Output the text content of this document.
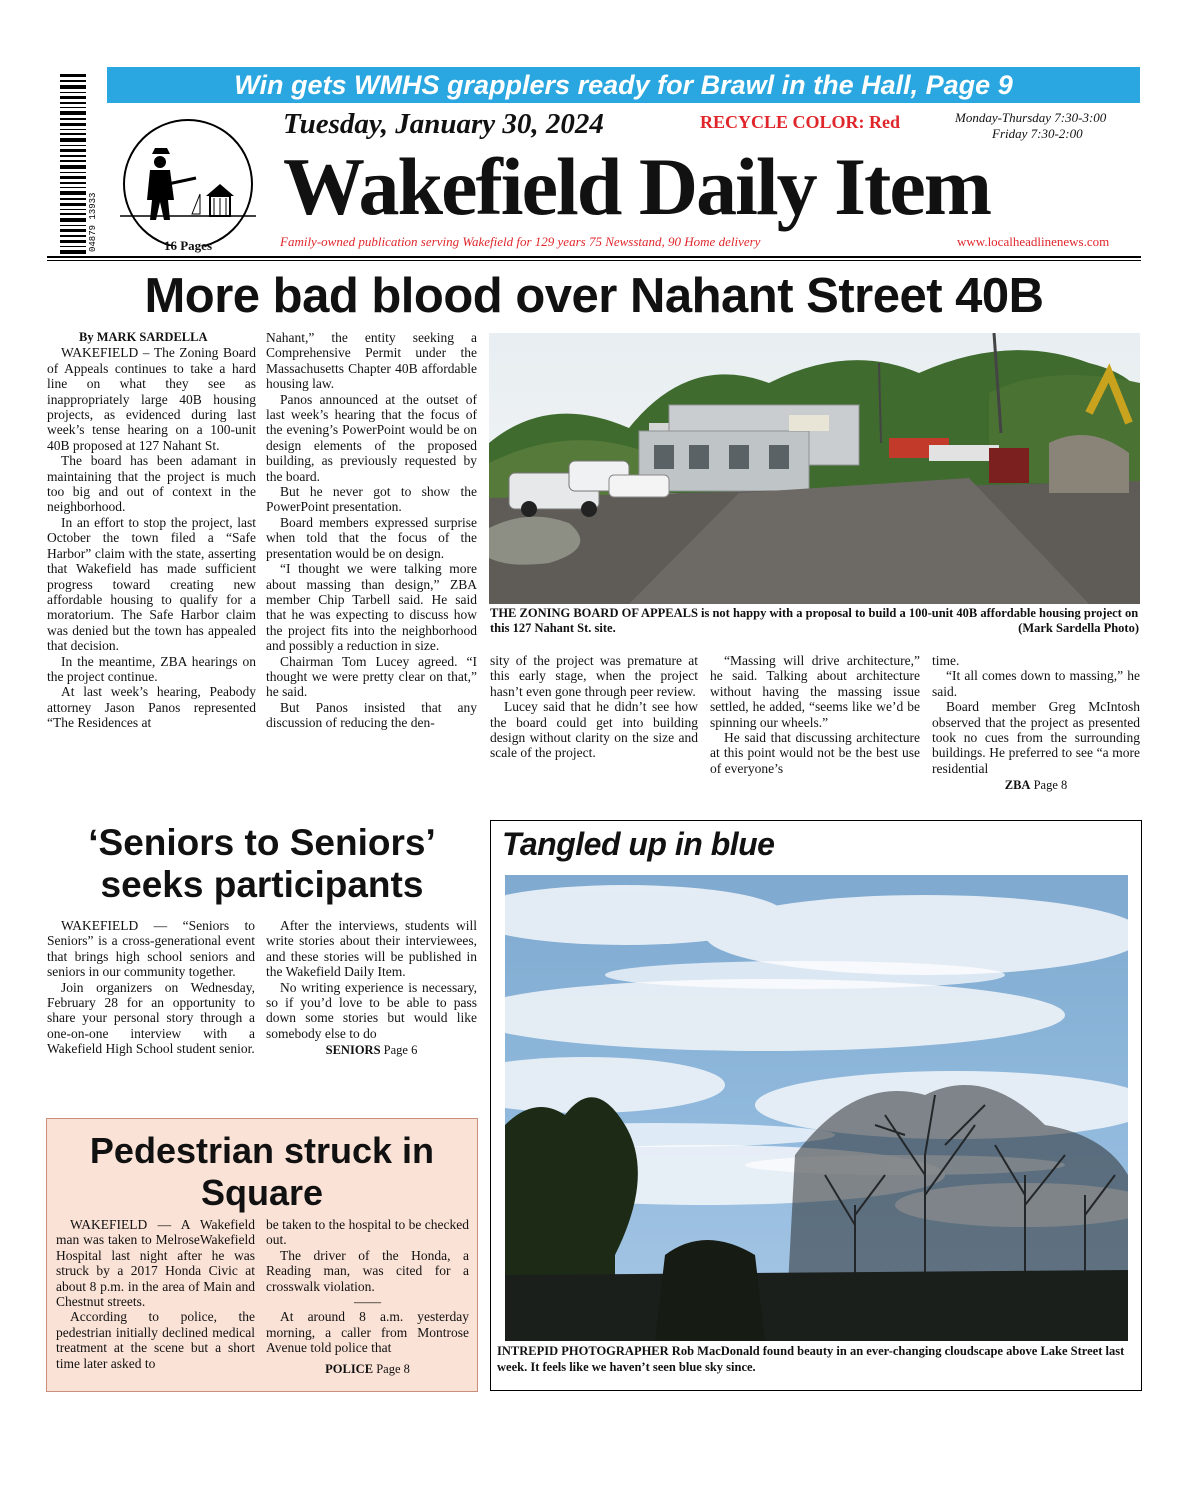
04879 13933
Win gets WMHS grapplers ready for Brawl in the Hall, Page 9
16 Pages
Tuesday, January 30, 2024	RECYCLE COLOR: Red	Monday-Thursday 7:30-3:00
Friday 7:30-2:00
Wakefield Daily Item
Family-owned publication serving Wakefield for 129 years 75 Newsstand, 90 Home delivery	www.localheadlinenews.com
More bad blood over Nahant Street 40B
By MARK SARDELLA

WAKEFIELD – The Zoning Board of Appeals continues to take a hard line on what they see as inappropriately large 40B housing projects, as evidenced during last week’s tense hearing on a 100-unit 40B proposed at 127 Nahant St.

The board has been adamant in maintaining that the project is much too big and out of context in the neighborhood.

In an effort to stop the project, last October the town filed a “Safe Harbor” claim with the state, asserting that Wakefield has made sufficient progress toward creating new affordable housing to qualify for a moratorium. The Safe Harbor claim was denied but the town has appealed that decision.

In the meantime, ZBA hearings on the project continue.

At last week’s hearing, Peabody attorney Jason Panos represented “The Residences at

Nahant,” the entity seeking a Comprehensive Permit under the Massachusetts Chapter 40B affordable housing law.

Panos announced at the outset of last week’s hearing that the focus of the evening’s PowerPoint would be on design elements of the proposed building, as previously requested by the board.

But he never got to show the PowerPoint presentation.

Board members expressed surprise when told that the focus of the presentation would be on design.

“I thought we were talking more about massing than design,” ZBA member Chip Tarbell said. He said that he was expecting to discuss how the project fits into the neighborhood and possibly a reduction in size.

Chairman Tom Lucey agreed. “I thought we were pretty clear on that,” he said.

But Panos insisted that any discussion of reducing the den-

THE ZONING BOARD OF APPEALS is not happy with a proposal to build a 100-unit 40B affordable housing project on this 127 Nahant St. site.	(Mark Sardella Photo)

sity of the project was premature at this early stage, when the project hasn’t even gone through peer review.

Lucey said that he didn’t see how the board could get into building design without clarity on the size and scale of the project.

“Massing will drive architecture,” he said. Talking about architecture without having the massing issue settled, he added, “seems like we’d be spinning our wheels.”

He said that discussing architecture at this point would not be the best use of everyone’s

time.

“It all comes down to massing,” he said.

Board member Greg McIntosh observed that the project as presented took no cues from the surrounding buildings. He preferred to see “a more residential

ZBA Page 8
‘Seniors to Seniors’ seeks participants

WAKEFIELD — “Seniors to Seniors” is a cross-generational event that brings high school seniors and seniors in our community together.

Join organizers on Wednesday, February 28 for an opportunity to share your personal story through a one-on-one interview with a Wakefield High School student senior.

After the interviews, students will write stories about their interviewees, and these stories will be published in the Wakefield Daily Item.

No writing experience is necessary, so if you’d love to be able to pass down some stories but would like somebody else to do

SENIORS Page 6
Pedestrian struck in Square

WAKEFIELD — A Wakefield man was taken to MelroseWakefield Hospital last night after he was struck by a 2017 Honda Civic at about 8 p.m. in the area of Main and Chestnut streets.

According to police, the pedestrian initially declined medical treatment at the scene but a short time later asked to

be taken to the hospital to be checked out.

The driver of the Honda, a Reading man, was cited for a crosswalk violation.

——

At around 8 a.m. yesterday morning, a caller from Montrose Avenue told police that

POLICE Page 8
Tangled up in blue
INTREPID PHOTOGRAPHER Rob MacDonald found beauty in an ever-changing cloudscape above Lake Street last week. It feels like we haven’t seen blue sky since.
